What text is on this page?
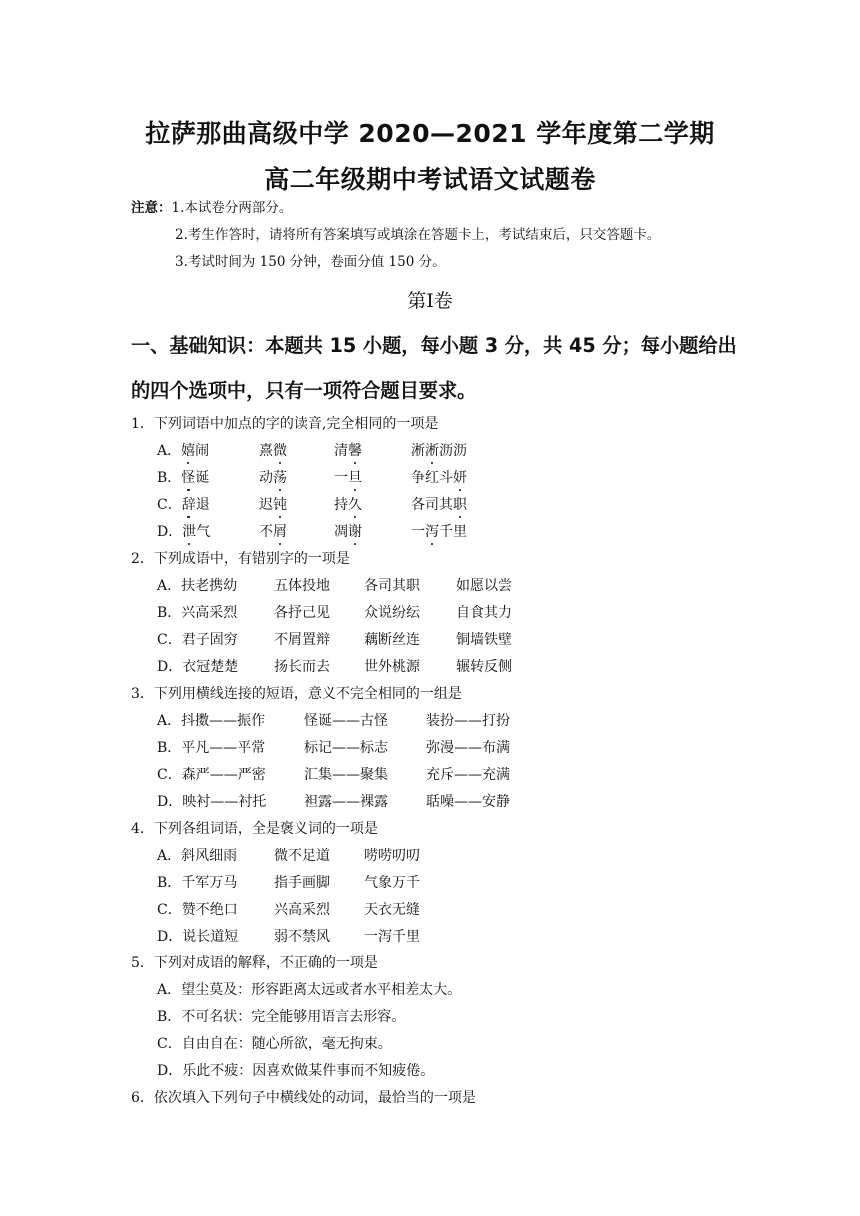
拉萨那曲高级中学 2020—2021 学年度第二学期
高二年级期中考试语文试题卷
注意：1.本试卷分两部分。
2.考生作答时，请将所有答案填写或填涂在答题卡上，考试结束后，只交答题卡。
3.考试时间为 150 分钟，卷面分值 150 分。
第Ⅰ卷
一、基础知识：本题共 15 小题，每小题 3 分，共 45 分；每小题给出
的四个选项中，只有一项符合题目要求。
1．下列词语中加点的字的读音,完全相同的一项是
A．嬉闹	熹微	清馨	淅淅沥沥
B．怪诞	动荡	一旦	争红斗妍
C．辞退	迟钝	持久	各司其职
D．泄气	不屑	凋谢	一泻千里
2．下列成语中，有错别字的一项是
A．扶老携幼	五体投地 各司其职	如愿以尝
B．兴高采烈	各抒己见 众说纷纭	自食其力
C．君子固穷	不屑置辩 藕断丝连	铜墙铁壁
D．衣冠楚楚	扬长而去 世外桃源	辗转反侧
3．下列用横线连接的短语，意义不完全相同的一组是
A．抖擞——振作	怪诞——古怪	装扮——打扮
B．平凡——平常	标记——标志	弥漫——布满
C．森严——严密	汇集——聚集	充斥——充满
D．映衬——衬托	袒露——裸露	聒噪——安静
4．下列各组词语，全是褒义词的一项是
A．斜风细雨	微不足道 唠唠叨叨
B．千军万马	指手画脚 气象万千
C．赞不绝口	兴高采烈 天衣无缝
D．说长道短	弱不禁风 一泻千里
5．下列对成语的解释，不正确的一项是
A．望尘莫及：形容距离太远或者水平相差太大。
B．不可名状：完全能够用语言去形容。
C．自由自在：随心所欲，毫无拘束。
D．乐此不疲：因喜欢做某件事而不知疲倦。
6．依次填入下列句子中横线处的动词，最恰当的一项是
